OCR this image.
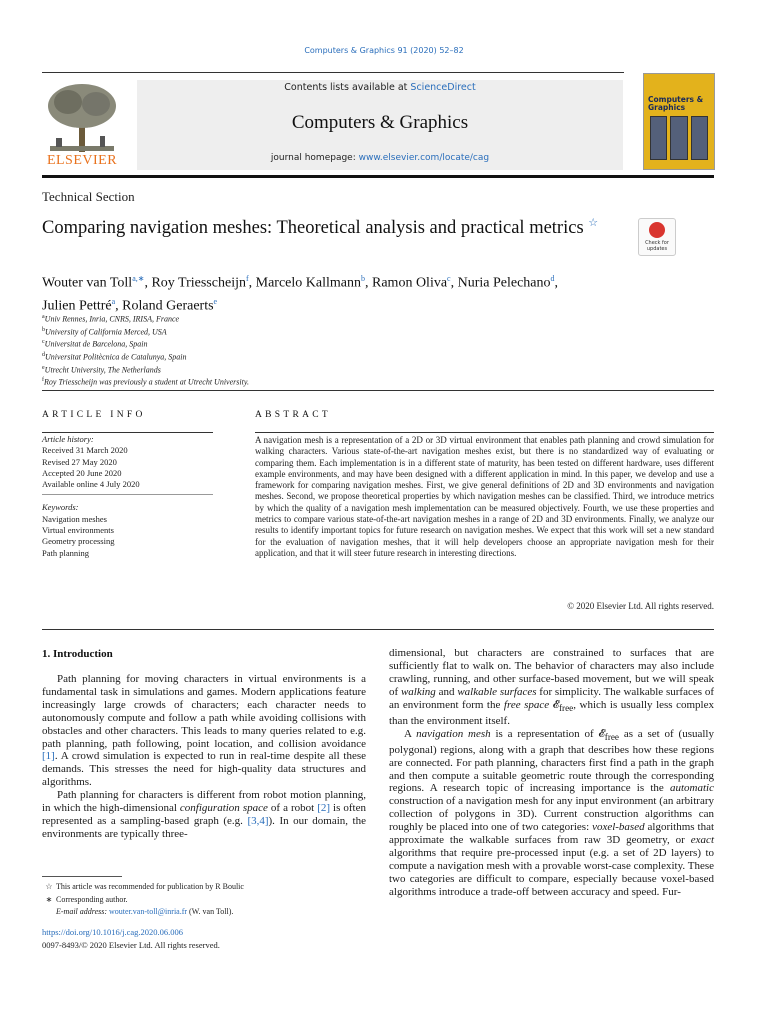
Computers & Graphics 91 (2020) 52–82
ELSEVIER
Contents lists available at ScienceDirect
Computers & Graphics
journal homepage: www.elsevier.com/locate/cag
Computers & Graphics
Technical Section
Comparing navigation meshes: Theoretical analysis and practical metrics ☆
Check for updates
Wouter van Toll$^{a,∗}$, Roy Triesscheijn$^f$, Marcelo Kallmann$^b$, Ramon Oliva$^c$, Nuria Pelechano$^d$,
Julien Pettré$^a$, Roland Geraerts$^e$
$^a$Univ Rennes, Inria, CNRS, IRISA, France
$^b$University of California Merced, USA
$^c$Universitat de Barcelona, Spain
$^d$Universitat Politècnica de Catalunya, Spain
$^e$Utrecht University, The Netherlands
$^f$Roy Triesscheijn was previously a student at Utrecht University.
ARTICLE INFO	ABSTRACT
Article history:
Received 31 March 2020
Revised 27 May 2020
Accepted 20 June 2020
Available online 4 July 2020
Keywords:
Navigation meshes
Virtual environments
Geometry processing
Path planning
A navigation mesh is a representation of a 2D or 3D virtual environment that enables path planning and crowd simulation for walking characters. Various state-of-the-art navigation meshes exist, but there is no standardized way of evaluating or comparing them. Each implementation is in a different state of maturity, has been tested on different hardware, uses different example environments, and may have been designed with a different application in mind. In this paper, we develop and use a framework for comparing navigation meshes. First, we give general definitions of 2D and 3D environments and navigation meshes. Second, we propose theoretical properties by which navigation meshes can be classified. Third, we introduce metrics by which the quality of a navigation mesh implementation can be measured objectively. Fourth, we use these properties and metrics to compare various state-of-the-art navigation meshes in a range of 2D and 3D environments. Finally, we analyze our results to identify important topics for future research on navigation meshes. We expect that this work will set a new standard for the evaluation of navigation meshes, that it will help developers choose an appropriate navigation mesh for their application, and that it will steer future research in interesting directions.
© 2020 Elsevier Ltd. All rights reserved.
1. Introduction

Path planning for moving characters in virtual environments is a fundamental task in simulations and games. Modern applications feature increasingly large crowds of characters; each character needs to autonomously compute and follow a path while avoiding collisions with obstacles and other characters. This leads to many queries related to e.g. path planning, path following, point location, and collision avoidance [1]. A crowd simulation is expected to run in real-time despite all these demands. This stresses the need for high-quality data structures and algorithms.

Path planning for characters is different from robot motion planning, in which the high-dimensional configuration space of a robot [2] is often represented as a sampling-based graph (e.g. [3,4]). In our domain, the environments are typically three-

dimensional, but characters are constrained to surfaces that are sufficiently flat to walk on. The behavior of characters may also include crawling, running, and other surface-based movement, but we will speak of walking and walkable surfaces for simplicity. The walkable surfaces of an environment form the free space 𝓔$_{free}$, which is usually less complex than the environment itself.

A navigation mesh is a representation of 𝓔$_{free}$ as a set of (usually polygonal) regions, along with a graph that describes how these regions are connected. For path planning, characters first find a path in the graph and then compute a suitable geometric route through the corresponding regions. A research topic of increasing importance is the automatic construction of a navigation mesh for any input environment (an arbitrary collection of polygons in 3D). Current construction algorithms can roughly be placed into one of two categories: voxel-based algorithms that approximate the walkable surfaces from raw 3D geometry, or exact algorithms that require pre-processed input (e.g. a set of 2D layers) to compute a navigation mesh with a provable worst-case complexity. These two categories are difficult to compare, especially because voxel-based algorithms introduce a trade-off between accuracy and speed. Fur-

☆ This article was recommended for publication by R Boulic
∗ Corresponding author.
E-mail address: wouter.van-toll@inria.fr (W. van Toll).
https://doi.org/10.1016/j.cag.2020.06.006
0097-8493/© 2020 Elsevier Ltd. All rights reserved.
